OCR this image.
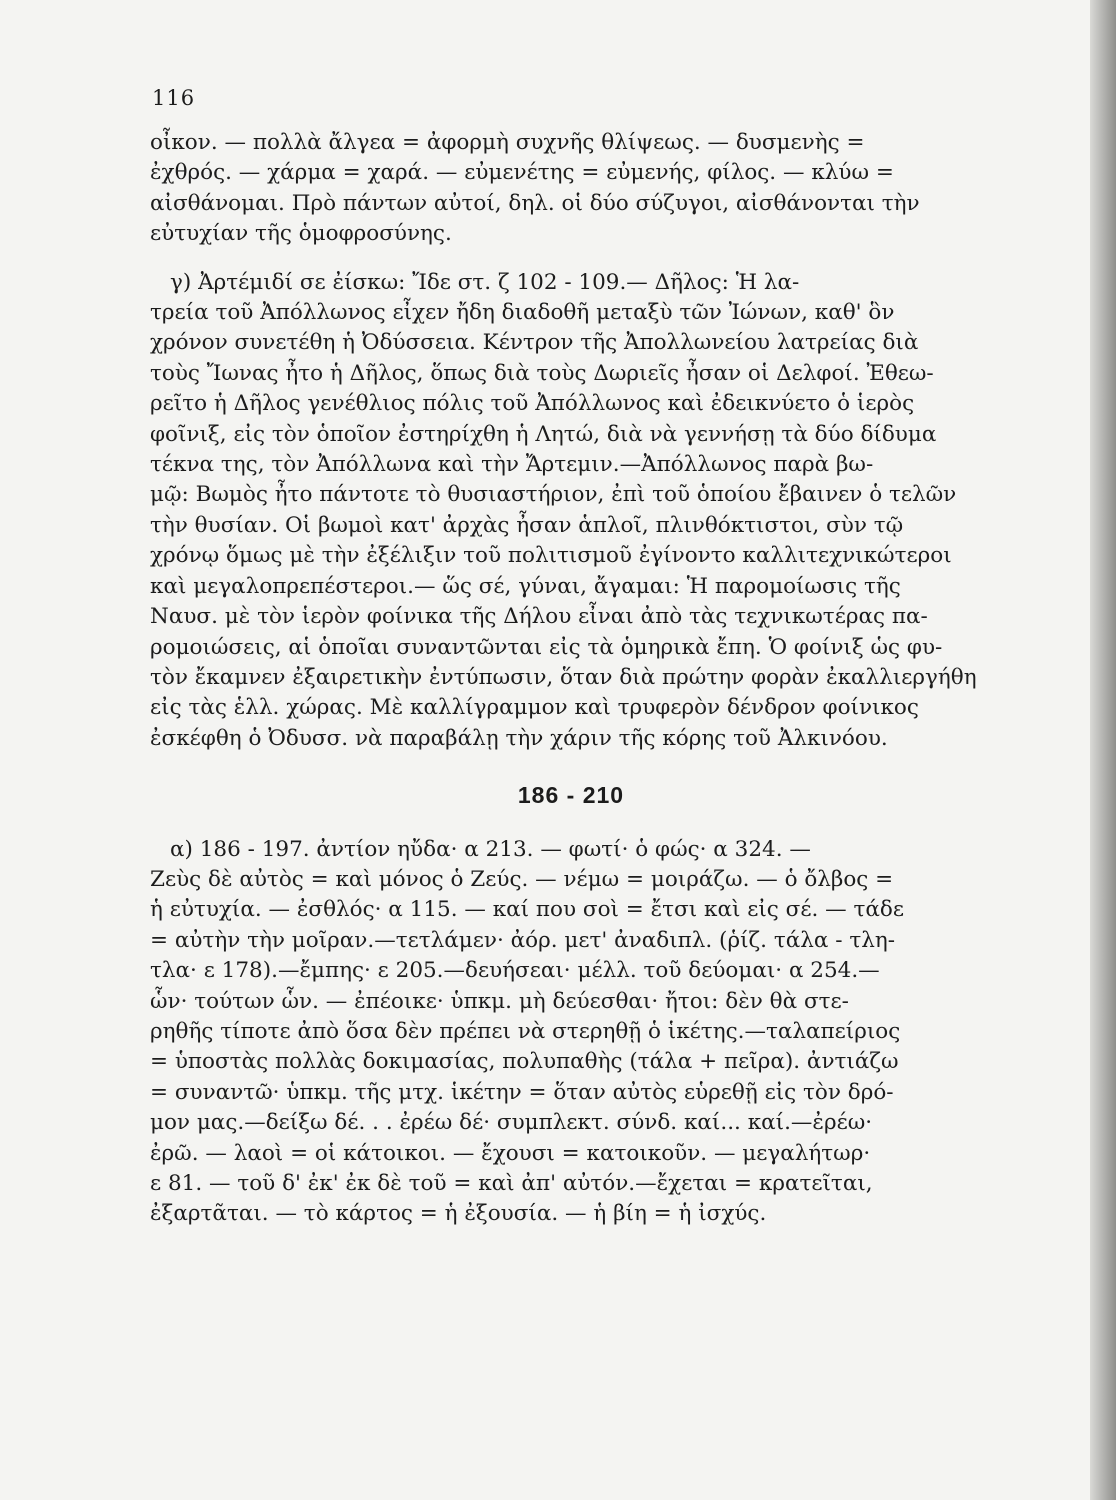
116
οἶκον. — πολλὰ ἄλγεα = ἀφορμὴ συχνῆς θλίψεως. — δυσμενὴς =
ἐχθρός. — χάρμα = χαρά. — εὐμενέτης = εὐμενής, φίλος. — κλύω =
αἰσθάνομαι. Πρὸ πάντων αὐτοί, δηλ. οἱ δύο σύζυγοι, αἰσθάνονται τὴν
εὐτυχίαν τῆς ὁμοφροσύνης.
γ) Ἀρτέμιδί σε ἐίσκω: Ἴδε στ. ζ 102 - 109.— Δῆλος: Ἡ λα-
τρεία τοῦ Ἀπόλλωνος εἶχεν ἤδη διαδοθῆ μεταξὺ τῶν Ἰώνων, καθ' ὃν
χρόνον συνετέθη ἡ Ὀδύσσεια. Κέντρον τῆς Ἀπολλωνείου λατρείας διὰ
τοὺς Ἴωνας ἦτο ἡ Δῆλος, ὅπως διὰ τοὺς Δωριεῖς ἦσαν οἱ Δελφοί. Ἐθεω-
ρεῖτο ἡ Δῆλος γενέθλιος πόλις τοῦ Ἀπόλλωνος καὶ ἐδεικνύετο ὁ ἱερὸς
φοῖνιξ, εἰς τὸν ὁποῖον ἐστηρίχθη ἡ Λητώ, διὰ νὰ γεννήσῃ τὰ δύο δίδυμα
τέκνα της, τὸν Ἀπόλλωνα καὶ τὴν Ἄρτεμιν.—Ἀπόλλωνος παρὰ βω-
μῷ: Βωμὸς ἦτο πάντοτε τὸ θυσιαστήριον, ἐπὶ τοῦ ὁποίου ἔβαινεν ὁ τελῶν
τὴν θυσίαν. Οἱ βωμοὶ κατ' ἀρχὰς ἦσαν ἁπλοῖ, πλινθόκτιστοι, σὺν τῷ
χρόνῳ ὅμως μὲ τὴν ἐξέλιξιν τοῦ πολιτισμοῦ ἐγίνοντο καλλιτεχνικώτεροι
καὶ μεγαλοπρεπέστεροι.— ὥς σέ, γύναι, ἄγαμαι: Ἡ παρομοίωσις τῆς
Ναυσ. μὲ τὸν ἱερὸν φοίνικα τῆς Δήλου εἶναι ἀπὸ τὰς τεχνικωτέρας πα-
ρομοιώσεις, αἱ ὁποῖαι συναντῶνται εἰς τὰ ὁμηρικὰ ἔπη. Ὁ φοίνιξ ὡς φυ-
τὸν ἔκαμνεν ἐξαιρετικὴν ἐντύπωσιν, ὅταν διὰ πρώτην φορὰν ἐκαλλιεργήθη
εἰς τὰς ἑλλ. χώρας. Μὲ καλλίγραμμον καὶ τρυφερὸν δένδρον φοίνικος
ἐσκέφθη ὁ Ὀδυσσ. νὰ παραβάλῃ τὴν χάριν τῆς κόρης τοῦ Ἀλκινόου.
186 - 210
α) 186 - 197. ἀντίον ηὔδα· α 213. — φωτί· ὁ φώς· α 324. —
Ζεὺς δὲ αὐτὸς = καὶ μόνος ὁ Ζεύς. — νέμω = μοιράζω. — ὁ ὄλβος =
ἡ εὐτυχία. — ἐσθλός· α 115. — καί που σοὶ = ἔτσι καὶ εἰς σέ. — τάδε
= αὐτὴν τὴν μοῖραν.—τετλάμεν· ἀόρ. μετ' ἀναδιπλ. (ῥίζ. τάλα - τλη-
τλα· ε 178).—ἔμπης· ε 205.—δευήσεαι· μέλλ. τοῦ δεύομαι· α 254.—
ὧν· τούτων ὧν. — ἐπέοικε· ὑπκμ. μὴ δεύεσθαι· ἤτοι: δὲν θὰ στε-
ρηθῆς τίποτε ἀπὸ ὅσα δὲν πρέπει νὰ στερηθῇ ὁ ἱκέτης.—ταλαπείριος
= ὑποστὰς πολλὰς δοκιμασίας, πολυπαθὴς (τάλα + πεῖρα). ἀντιάζω
= συναντῶ· ὑπκμ. τῆς μτχ. ἱκέτην = ὅταν αὐτὸς εὑρεθῇ εἰς τὸν δρό-
μον μας.—δείξω δέ. . . ἐρέω δέ· συμπλεκτ. σύνδ. καί... καί.—ἐρέω·
ἐρῶ. — λαοὶ = οἱ κάτοικοι. — ἔχουσι = κατοικοῦν. — μεγαλήτωρ·
ε 81. — τοῦ δ' ἐκ' ἐκ δὲ τοῦ = καὶ ἀπ' αὐτόν.—ἔχεται = κρατεῖται,
ἐξαρτᾶται. — τὸ κάρτος = ἡ ἐξουσία. — ἡ βίη = ἡ ἰσχύς.
